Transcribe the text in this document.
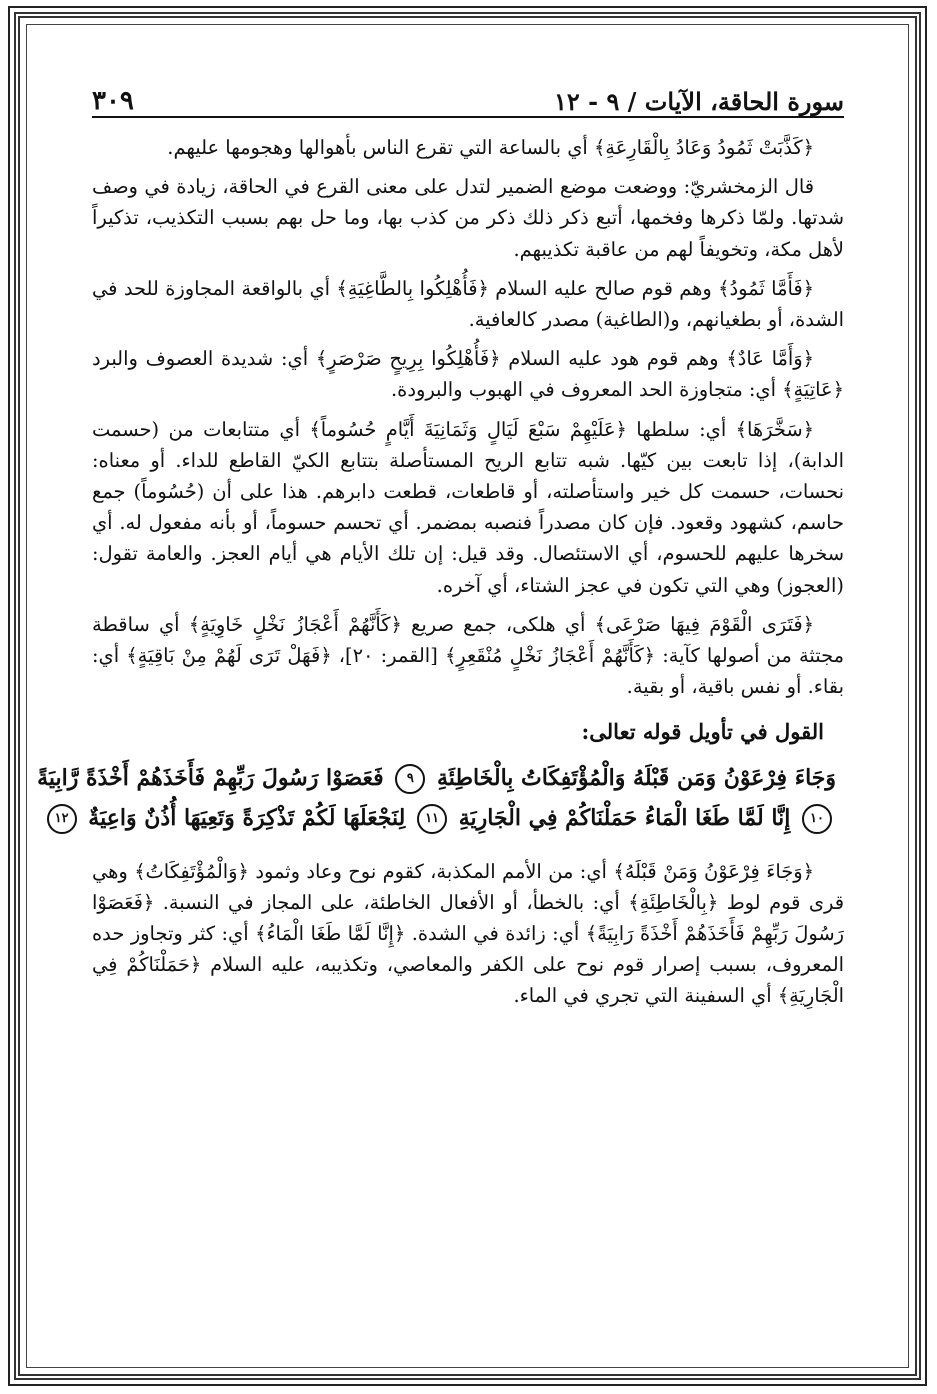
سورة الحاقة، الآيات / ٩ - ١٢
٣٠٩

﴿كَذَّبَتْ ثَمُودُ وَعَادُ بِالْقَارِعَةِ﴾ أي بالساعة التي تقرع الناس بأهوالها وهجومها عليهم.

قال الزمخشريّ: ووضعت موضع الضمير لتدل على معنى القرع في الحاقة، زيادة في وصف شدتها. ولمّا ذكرها وفخمها، أتبع ذكر ذلك ذكر من كذب بها، وما حل بهم بسبب التكذيب، تذكيراً لأهل مكة، وتخويفاً لهم من عاقبة تكذيبهم.

﴿فَأَمَّا ثَمُودُ﴾ وهم قوم صالح عليه السلام ﴿فَأُهْلِكُوا بِالطَّاغِيَةِ﴾ أي بالواقعة المجاوزة للحد في الشدة، أو بطغيانهم، و(الطاغية) مصدر كالعافية.

﴿وَأَمَّا عَادٌ﴾ وهم قوم هود عليه السلام ﴿فَأُهْلِكُوا بِرِيحٍ صَرْصَرٍ﴾ أي: شديدة العصوف والبرد ﴿عَاتِيَةٍ﴾ أي: متجاوزة الحد المعروف في الهبوب والبرودة.

﴿سَخَّرَهَا﴾ أي: سلطها ﴿عَلَيْهِمْ سَبْعَ لَيَالٍ وَثَمَانِيَةَ أَيَّامٍ حُسُوماً﴾ أي متتابعات من (حسمت الدابة)، إذا تابعت بين كيّها. شبه تتابع الريح المستأصلة بتتابع الكيّ القاطع للداء. أو معناه: نحسات، حسمت كل خير واستأصلته، أو قاطعات، قطعت دابرهم. هذا على أن (حُسُوماً) جمع حاسم، كشهود وقعود. فإن كان مصدراً فنصبه بمضمر. أي تحسم حسوماً، أو بأنه مفعول له. أي سخرها عليهم للحسوم، أي الاستئصال. وقد قيل: إن تلك الأيام هي أيام العجز. والعامة تقول: (العجوز) وهي التي تكون في عجز الشتاء، أي آخره.

﴿فَتَرَى الْقَوْمَ فِيهَا صَرْعَى﴾ أي هلكى، جمع صريع ﴿كَأَنَّهُمْ أَعْجَازُ نَخْلٍ خَاوِيَةٍ﴾ أي ساقطة مجتثة من أصولها كآية: ﴿كَأَنَّهُمْ أَعْجَازُ نَخْلٍ مُنْقَعِرٍ﴾ [القمر: ٢٠]، ﴿فَهَلْ تَرَى لَهُمْ مِنْ بَاقِيَةٍ﴾ أي: بقاء. أو نفس باقية، أو بقية.

القول في تأويل قوله تعالى:
وَجَاءَ فِرْعَوْنُ وَمَن قَبْلَهُ وَالْمُؤْتَفِكَاتُ بِالْخَاطِئَةِ ٩ فَعَصَوْا رَسُولَ رَبِّهِمْ فَأَخَذَهُمْ أَخْذَةً رَّابِيَةً
١٠ إِنَّا لَمَّا طَغَا الْمَاءُ حَمَلْنَاكُمْ فِي الْجَارِيَةِ ١١ لِنَجْعَلَهَا لَكُمْ تَذْكِرَةً وَتَعِيَهَا أُذُنٌ وَاعِيَةٌ ١٢

﴿وَجَاءَ فِرْعَوْنُ وَمَنْ قَبْلَهُ﴾ أي: من الأمم المكذبة، كقوم نوح وعاد وثمود ﴿وَالْمُؤْتَفِكَاتُ﴾ وهي قرى قوم لوط ﴿بِالْخَاطِئَةِ﴾ أي: بالخطأ، أو الأفعال الخاطئة، على المجاز في النسبة. ﴿فَعَصَوْا رَسُولَ رَبِّهِمْ فَأَخَذَهُمْ أَخْذَةً رَابِيَةً﴾ أي: زائدة في الشدة. ﴿إِنَّا لَمَّا طَغَا الْمَاءُ﴾ أي: كثر وتجاوز حده المعروف، بسبب إصرار قوم نوح على الكفر والمعاصي، وتكذيبه، عليه السلام ﴿حَمَلْنَاكُمْ فِي الْجَارِيَةِ﴾ أي السفينة التي تجري في الماء.
